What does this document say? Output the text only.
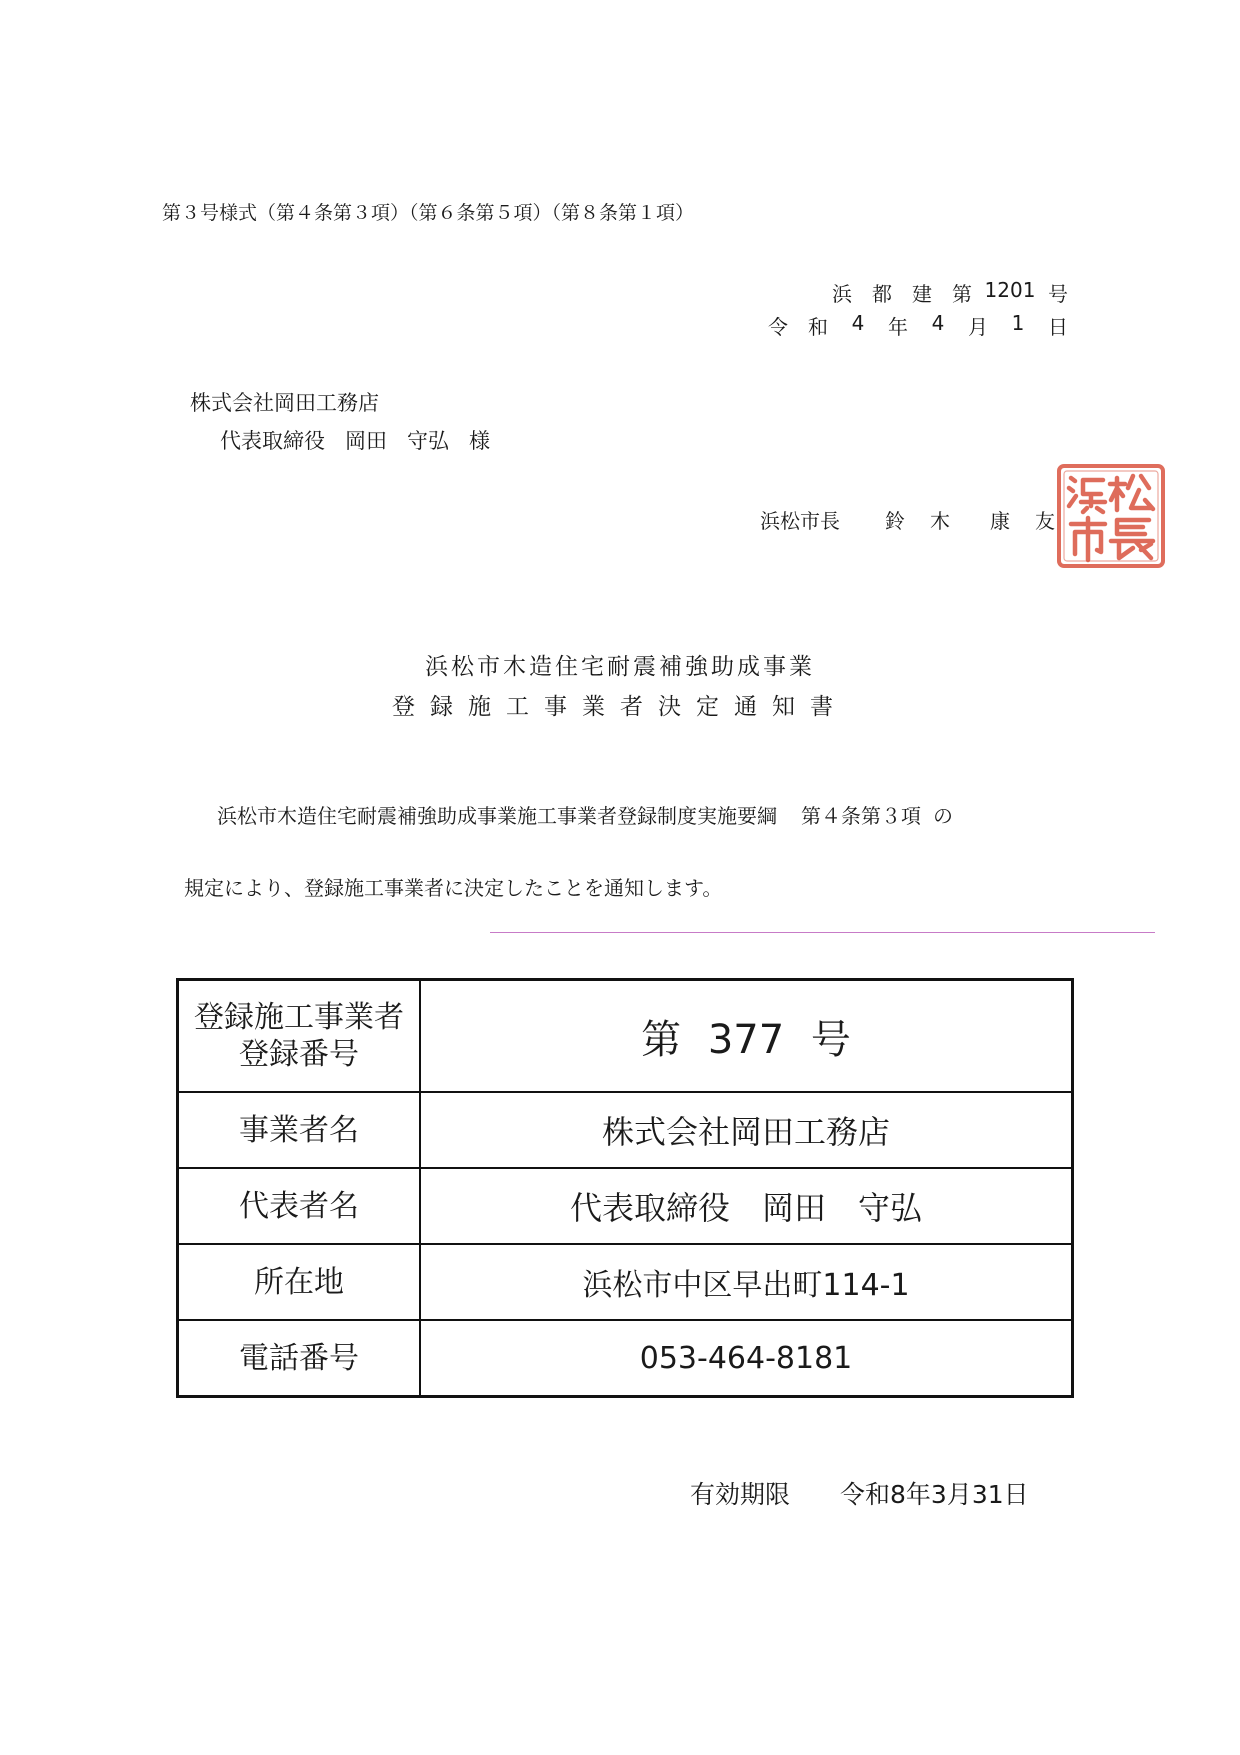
第３号様式（第４条第３項）（第６条第５項）（第８条第１項）
浜	都	建	第 1201 号
令	和	4	年	4	月	1	日
株式会社岡田工務店
代表取締役 岡田 守弘 様
浜松市長 鈴 木 康 友
浜松市木造住宅耐震補強助成事業
登録施工事業者決定通知書
浜松市木造住宅耐震補強助成事業施工事業者登録制度実施要綱 第４条第３項 の
規定により、登録施工事業者に決定したことを通知します。
登録施工事業者
登録番号	第 377 号
事業者名	株式会社岡田工務店
代表者名	代表取締役 岡田 守弘
所在地	浜松市中区早出町114-1
電話番号	053-464-8181
有効期限 令和8年3月31日
